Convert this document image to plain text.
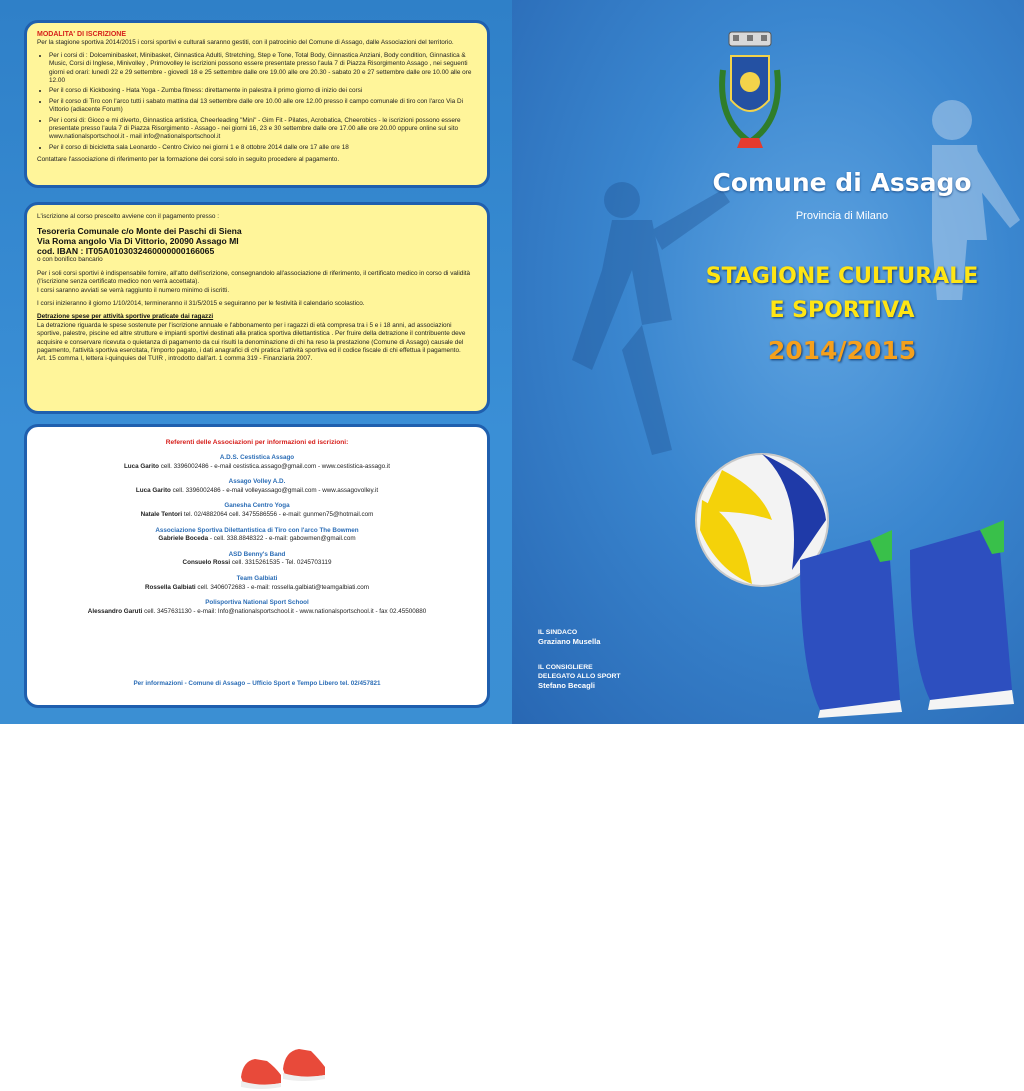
MODALITA' DI ISCRIZIONE
Per la stagione sportiva 2014/2015 i corsi sportivi e culturali saranno gestiti, con il patrocinio del Comune di Assago, dalle Associazioni del territorio.
• Per i corsi di : Dolceminibasket, Minibasket, Ginnastica Adulti, Stretching, Step e Tone, Total Body, Ginnastica Anziani, Body condition, Ginnastica & Music, Corsi di Inglese, Minivolley , Primovolley le iscrizioni possono essere presentate presso l'aula 7 di Piazza Risorgimento Assago , nei seguenti giorni ed orari: lunedì 22 e 29 settembre - giovedì 18 e 25 settembre dalle ore 19.00 alle ore 20.30 - sabato 20 e 27 settembre dalle ore 10.00 alle ore 12.00
• Per il corso di Kickboxing - Hata Yoga - Zumba fitness: direttamente in palestra il primo giorno di inizio dei corsi
• Per il corso di Tiro con l'arco tutti i sabato mattina dal 13 settembre dalle ore 10.00 alle ore 12.00 presso il campo comunale di tiro con l'arco Via Di Vittorio (adiacente Forum)
• Per i corsi di: Gioco e mi diverto, Ginnastica artistica, Cheerleading "Mini" - Gim Fit - Pilates, Acrobatica, Cheerobics - le iscrizioni possono essere presentate presso l'aula 7 di Piazza Risorgimento - Assago - nei giorni 16, 23 e 30 settembre dalle ore 17.00 alle ore 20.00 oppure online sul sito www.nationalsportschool.it - mail info@nationalsportschool.it
• Per il corso di bicicletta sala Leonardo - Centro Civico nei giorni 1 e 8 ottobre 2014 dalle ore 17 alle ore 18
Contattare l'associazione di riferimento per la formazione dei corsi solo in seguito procedere al pagamento.

L'iscrizione al corso prescelto avviene con il pagamento presso :

Tesoreria Comunale c/o Monte dei Paschi di Siena
Via Roma angolo Via Di Vittorio, 20090 Assago MI
cod. IBAN : IT05A0103032460000000166065

o con bonifico bancario

Per i soli corsi sportivi è indispensabile fornire, all'atto dell'iscrizione, consegnandolo all'associazione di riferimento, il certificato medico in corso di validità (l'iscrizione senza certificato medico non verrà accettata).

I corsi saranno avviati se verrà raggiunto il numero minimo di iscritti.

I corsi inizieranno il giorno 1/10/2014, termineranno il 31/5/2015 e seguiranno per le festività il calendario scolastico.

Detrazione spese per attività sportive praticate dai ragazzi
La detrazione riguarda le spese sostenute per l'iscrizione annuale e l'abbonamento per i ragazzi di età compresa tra i 5 e i 18 anni, ad associazioni sportive, palestre, piscine ed altre strutture e impianti sportivi destinati alla pratica sportiva dilettantistica . Per fruire della detrazione il contribuente deve acquisire e conservare ricevuta o quietanza di pagamento da cui risulti la denominazione di chi ha reso la prestazione (Comune di Assago) causale del pagamento, l'attività sportiva esercitata, l'importo pagato, i dati anagrafici di chi pratica l'attività sportiva ed il codice fiscale di chi effettua il pagamento.
Art. 15 comma I, lettera i-quinquies del TUIR , introdotto dall'art. 1 comma 319 - Finanziaria 2007.
Referenti delle Associazioni per informazioni ed iscrizioni:
A.D.S. Cestistica Assago
Luca Garito cell. 3396002486 - e-mail cestistica.assago@gmail.com - www.cestistica-assago.it
Assago Volley A.D.
Luca Garito cell. 3396002486 - e-mail volleyassago@gmail.com - www.assagovolley.it
Ganesha Centro Yoga
Natale Tentori tel. 02/4882064 cell. 3475586556 - e-mail: gunmen75@hotmail.com
Associazione Sportiva Dilettantistica di Tiro con l'arco The Bowmen
Gabriele Boceda - cell. 338.8848322 - e-mail: gabowmen@gmail.com
ASD Benny's Band
Consuelo Rossi cell. 3315261535 - Tel. 0245703119
Team Galbiati
Rossella Galbiati cell. 3406072683 - e-mail: rossella.galbiati@teamgalbiati.com
Polisportiva National Sport School
Alessandro Garuti cell. 3457631130 - e-mail: Info@nationalsportschool.it - www.nationalsportschool.it - fax 02.45500880
Per informazioni - Comune di Assago – Ufficio Sport e Tempo Libero tel. 02/457821
Comune di Assago
Provincia di Milano
STAGIONE CULTURALE
E SPORTIVA
2014/2015
IL SINDACO
Graziano Musella
IL CONSIGLIERE
DELEGATO ALLO SPORT
Stefano Becagli
